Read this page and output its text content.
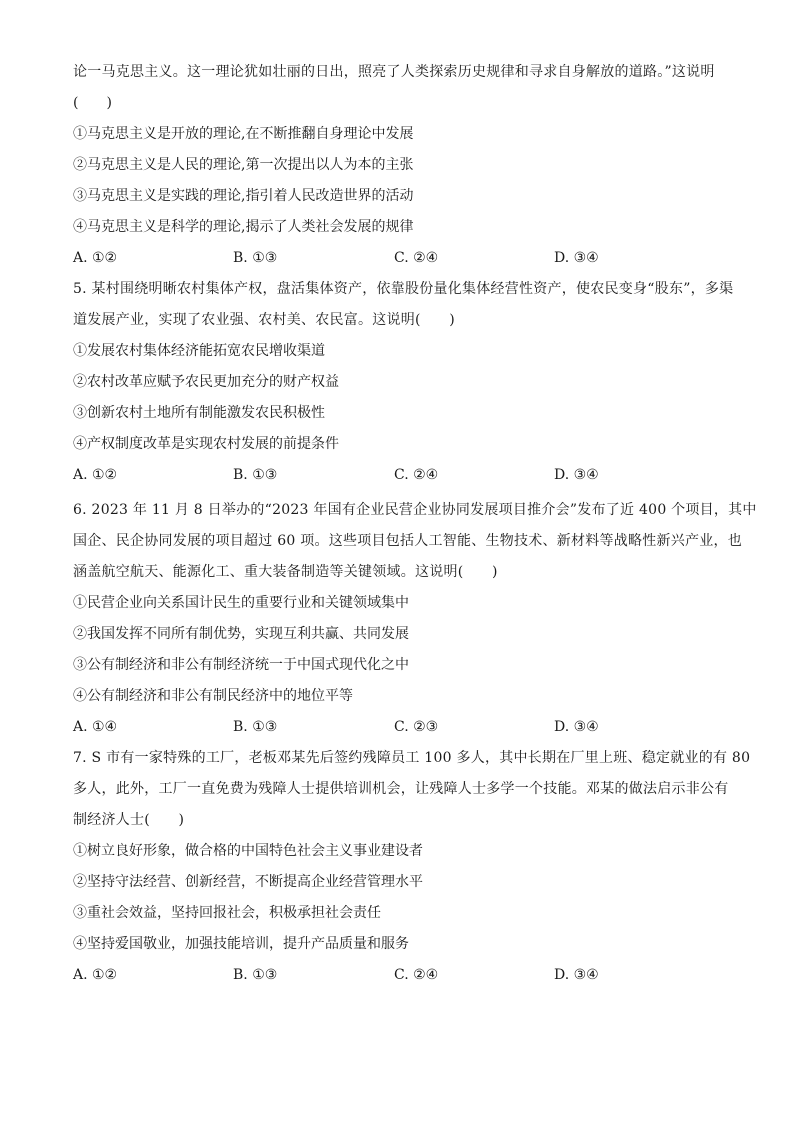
论一马克思主义。这一理论犹如壮丽的日出，照亮了人类探索历史规律和寻求自身解放的道路。”这说明
(　　)
①马克思主义是开放的理论,在不断推翻自身理论中发展
②马克思主义是人民的理论,第一次提出以人为本的主张
③马克思主义是实践的理论,指引着人民改造世界的活动
④马克思主义是科学的理论,揭示了人类社会发展的规律
A. ①②	B. ①③	C. ②④	D. ③④
5. 某村围绕明晰农村集体产权，盘活集体资产，依靠股份量化集体经营性资产，使农民变身“股东”，多渠
道发展产业，实现了农业强、农村美、农民富。这说明(　　)
①发展农村集体经济能拓宽农民增收渠道
②农村改革应赋予农民更加充分的财产权益
③创新农村土地所有制能激发农民积极性
④产权制度改革是实现农村发展的前提条件
A. ①②	B. ①③	C. ②④	D. ③④
6. 2023 年 11 月 8 日举办的“2023 年国有企业民营企业协同发展项目推介会”发布了近 400 个项目，其中
国企、民企协同发展的项目超过 60 项。这些项目包括人工智能、生物技术、新材料等战略性新兴产业，也
涵盖航空航天、能源化工、重大装备制造等关键领域。这说明(　　)
①民营企业向关系国计民生的重要行业和关键领域集中
②我国发挥不同所有制优势，实现互利共赢、共同发展
③公有制经济和非公有制经济统一于中国式现代化之中
④公有制经济和非公有制民经济中的地位平等
A. ①④	B. ①③	C. ②③	D. ③④
7. S 市有一家特殊的工厂，老板邓某先后签约残障员工 100 多人，其中长期在厂里上班、稳定就业的有 80
多人，此外，工厂一直免费为残障人士提供培训机会，让残障人士多学一个技能。邓某的做法启示非公有
制经济人士(　　)
①树立良好形象，做合格的中国特色社会主义事业建设者
②坚持守法经营、创新经营，不断提高企业经营管理水平
③重社会效益，坚持回报社会，积极承担社会责任
④坚持爱国敬业，加强技能培训，提升产品质量和服务
A. ①②	B. ①③	C. ②④	D. ③④
